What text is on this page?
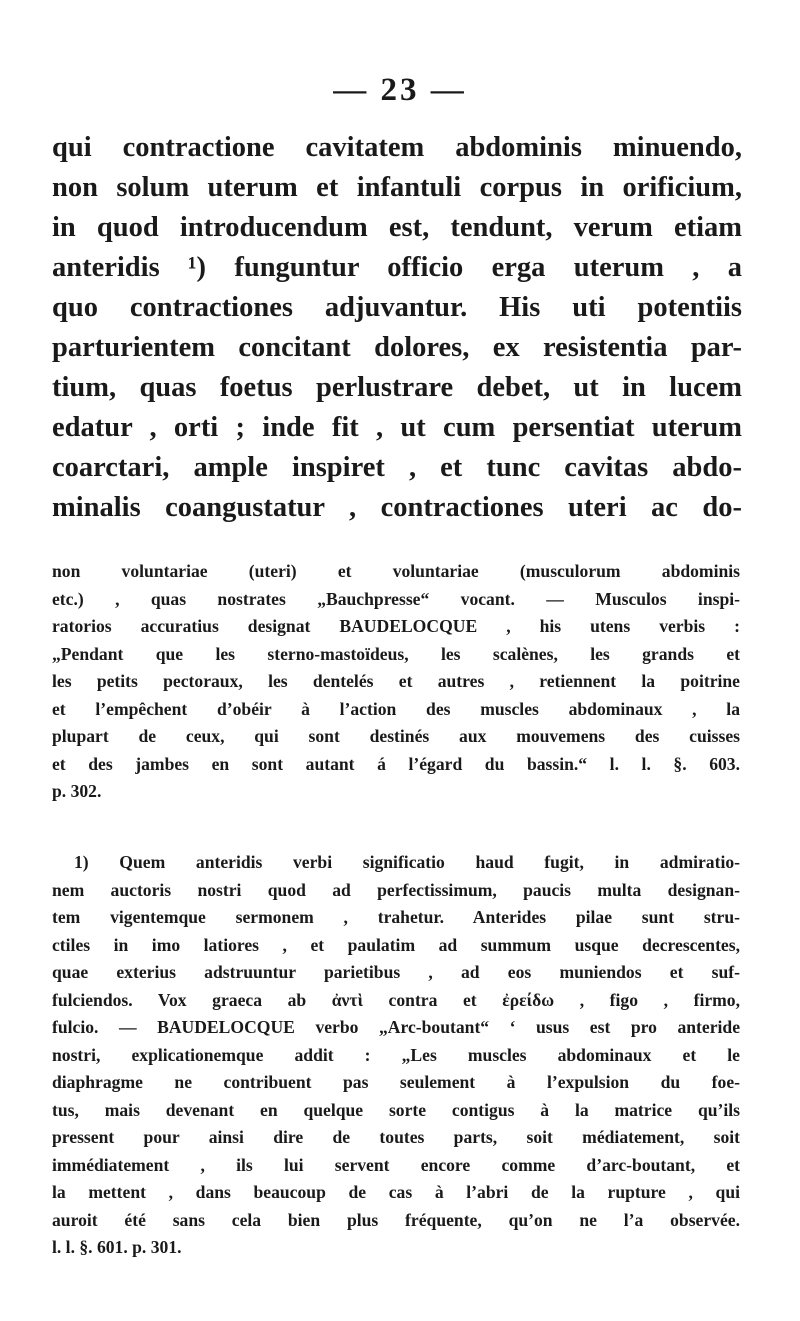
— 23 —
qui contractione cavitatem abdominis minuendo,
non solum uterum et infantuli corpus in orificium,
in quod introducendum est, tendunt, verum etiam
anteridis ¹) funguntur officio erga uterum , a
quo contractiones adjuvantur. His uti potentiis
parturientem concitant dolores, ex resistentia par-
tium, quas foetus perlustrare debet, ut in lucem
edatur , orti ; inde fit , ut cum persentiat uterum
coarctari, ample inspiret , et tunc cavitas abdo-
minalis coangustatur , contractiones uteri ac do-
non voluntariae (uteri) et voluntariae (musculorum abdominis
etc.) , quas nostrates „Bauchpresse“ vocant. — Musculos inspi-
ratorios accuratius designat BAUDELOCQUE , his utens verbis :
„Pendant que les sterno-mastoïdeus, les scalènes, les grands et
les petits pectoraux, les dentelés et autres , retiennent la poitrine
et l’empêchent d’obéir à l’action des muscles abdominaux , la
plupart de ceux, qui sont destinés aux mouvemens des cuisses
et des jambes en sont autant á l’égard du bassin.“ l. l. §. 603.
p. 302.
1) Quem anteridis verbi significatio haud fugit, in admiratio-
nem auctoris nostri quod ad perfectissimum, paucis multa designan-
tem vigentemque sermonem , trahetur. Anterides pilae sunt stru-
ctiles in imo latiores , et paulatim ad summum usque decrescentes,
quae exterius adstruuntur parietibus , ad eos muniendos et suf-
fulciendos. Vox graeca ab ἀντὶ contra et ἐρείδω , figo , firmo,
fulcio. — BAUDELOCQUE verbo „Arc-boutant“ ‘ usus est pro anteride
nostri, explicationemque addit : „Les muscles abdominaux et le
diaphragme ne contribuent pas seulement à l’expulsion du foe-
tus, mais devenant en quelque sorte contigus à la matrice qu’ils
pressent pour ainsi dire de toutes parts, soit médiatement, soit
immédiatement , ils lui servent encore comme d’arc-boutant, et
la mettent , dans beaucoup de cas à l’abri de la rupture , qui
auroit été sans cela bien plus fréquente, qu’on ne l’a observée.
l. l. §. 601. p. 301.
